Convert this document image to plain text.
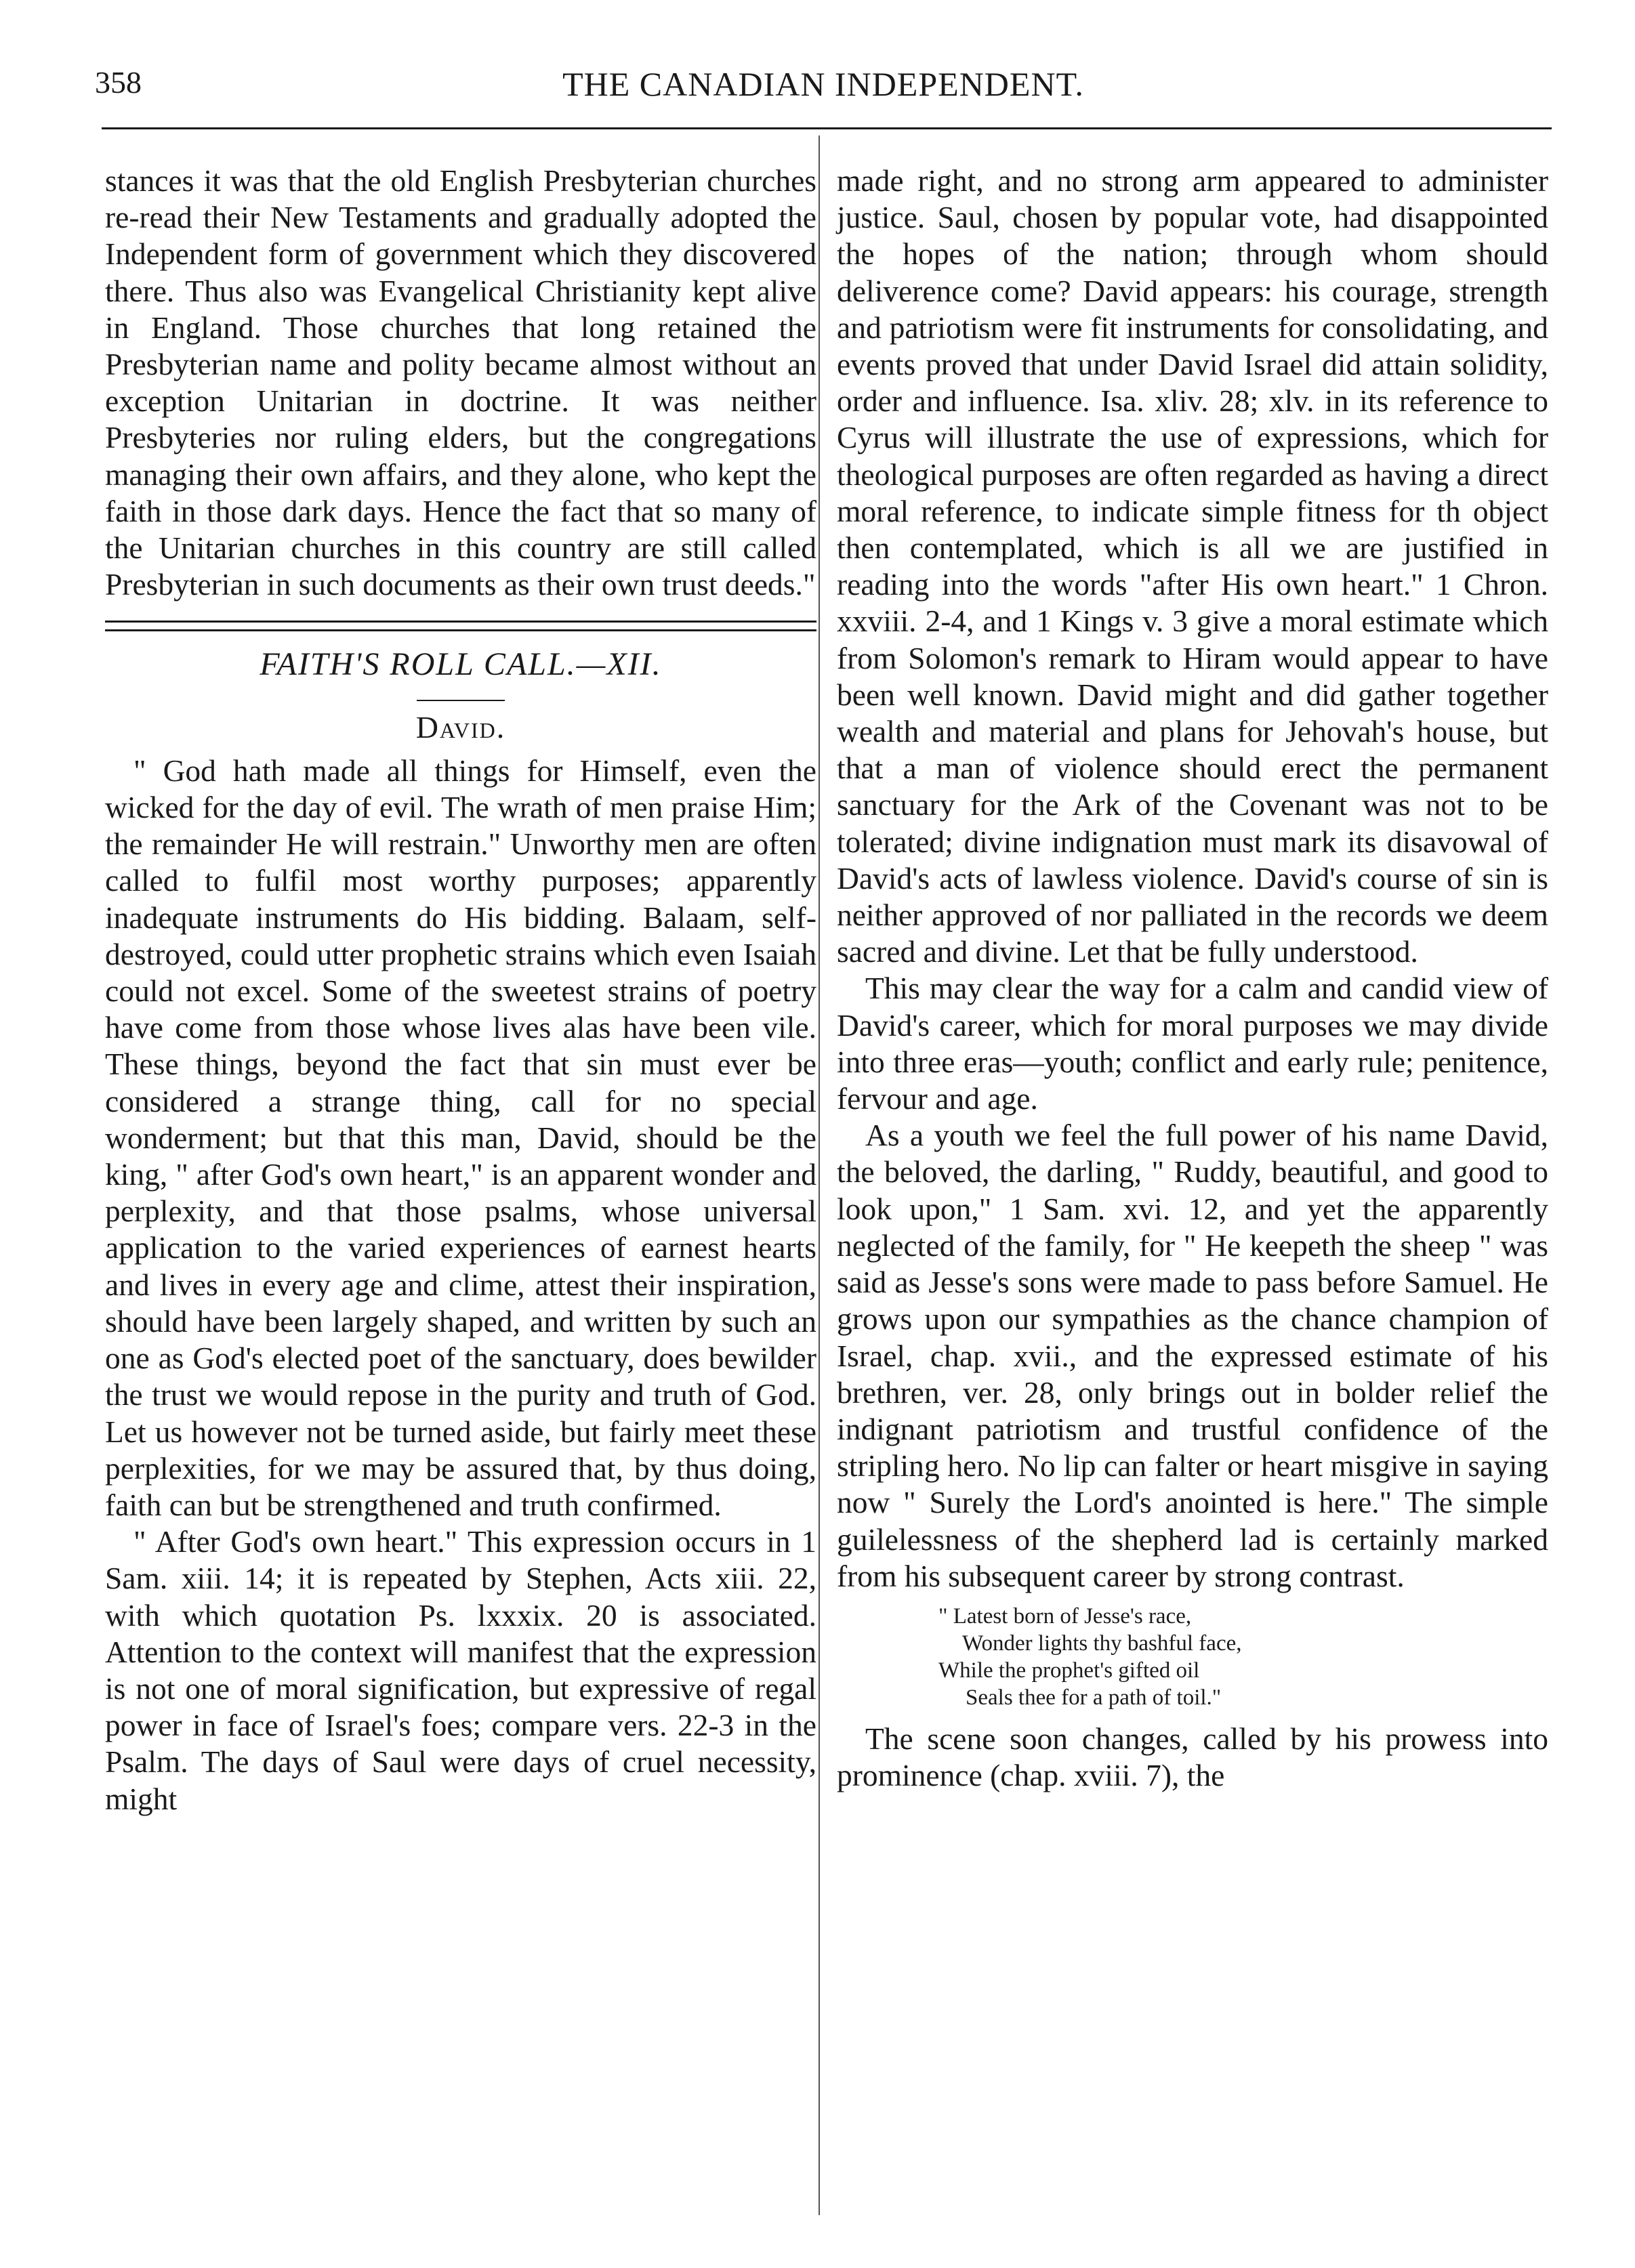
358	THE CANADIAN INDEPENDENT.

stances it was that the old English Presbyterian churches re-read their New Testaments and gradually adopted the Independent form of government which they discovered there. Thus also was Evangelical Christianity kept alive in England. Those churches that long retained the Presbyterian name and polity became almost without an exception Unitarian in doctrine. It was neither Presbyteries nor ruling elders, but the congregations managing their own affairs, and they alone, who kept the faith in those dark days. Hence the fact that so many of the Unitarian churches in this country are still called Presbyterian in such documents as their own trust deeds."

FAITH'S ROLL CALL.—XII.

David.

" God hath made all things for Himself, even the wicked for the day of evil. The wrath of men praise Him; the remainder He will restrain." Unworthy men are often called to fulfil most worthy purposes; apparently inadequate instruments do His bidding. Balaam, self-destroyed, could utter prophetic strains which even Isaiah could not excel. Some of the sweetest strains of poetry have come from those whose lives alas have been vile. These things, beyond the fact that sin must ever be considered a strange thing, call for no special wonderment; but that this man, David, should be the king, " after God's own heart," is an apparent wonder and perplexity, and that those psalms, whose universal application to the varied experiences of earnest hearts and lives in every age and clime, attest their inspiration, should have been largely shaped, and written by such an one as God's elected poet of the sanctuary, does bewilder the trust we would repose in the purity and truth of God. Let us however not be turned aside, but fairly meet these perplexities, for we may be assured that, by thus doing, faith can but be strengthened and truth confirmed.

" After God's own heart." This expression occurs in 1 Sam. xiii. 14; it is repeated by Stephen, Acts xiii. 22, with which quotation Ps. lxxxix. 20 is associated. Attention to the context will manifest that the expression is not one of moral signification, but expressive of regal power in face of Israel's foes; compare vers. 22-3 in the Psalm. The days of Saul were days of cruel necessity, might

made right, and no strong arm appeared to administer justice. Saul, chosen by popular vote, had disappointed the hopes of the nation; through whom should deliverence come? David appears: his courage, strength and patriotism were fit instruments for consolidating, and events proved that under David Israel did attain solidity, order and influence. Isa. xliv. 28; xlv. in its reference to Cyrus will illustrate the use of expressions, which for theological purposes are often regarded as having a direct moral reference, to indicate simple fitness for th object then contemplated, which is all we are justified in reading into the words "after His own heart." 1 Chron. xxviii. 2-4, and 1 Kings v. 3 give a moral estimate which from Solomon's remark to Hiram would appear to have been well known. David might and did gather together wealth and material and plans for Jehovah's house, but that a man of violence should erect the permanent sanctuary for the Ark of the Covenant was not to be tolerated; divine indignation must mark its disavowal of David's acts of lawless violence. David's course of sin is neither approved of nor palliated in the records we deem sacred and divine. Let that be fully understood.

This may clear the way for a calm and candid view of David's career, which for moral purposes we may divide into three eras—youth; conflict and early rule; penitence, fervour and age.

As a youth we feel the full power of his name David, the beloved, the darling, " Ruddy, beautiful, and good to look upon," 1 Sam. xvi. 12, and yet the apparently neglected of the family, for " He keepeth the sheep " was said as Jesse's sons were made to pass before Samuel. He grows upon our sympathies as the chance champion of Israel, chap. xvii., and the expressed estimate of his brethren, ver. 28, only brings out in bolder relief the indignant patriotism and trustful confidence of the stripling hero. No lip can falter or heart misgive in saying now " Surely the Lord's anointed is here." The simple guilelessness of the shepherd lad is certainly marked from his subsequent career by strong contrast.

" Latest born of Jesse's race,
Wonder lights thy bashful face,
While the prophet's gifted oil
Seals thee for a path of toil."

The scene soon changes, called by his prowess into prominence (chap. xviii. 7), the
